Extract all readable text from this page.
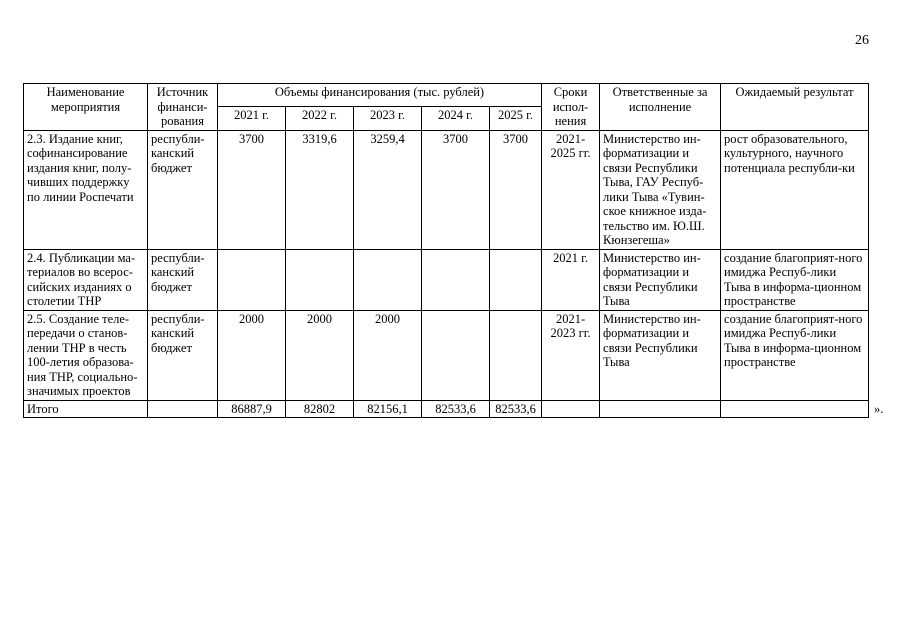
26
Наименование мероприятия	Источник финанси-рования	Объемы финансирования (тыс. рублей)					Сроки испол-нения	Ответственные за исполнение	Ожидаемый результат
		2021 г.	2022 г.	2023 г.	2024 г.	2025 г.			
2.3. Издание книг, софинансирование издания книг, полу-чивших поддержку по линии Роспечати	республи-канский бюджет	3700	3319,6	3259,4	3700	3700	2021-2025 гг.	Министерство ин-форматизации и связи Республики Тыва, ГАУ Респуб-лики Тыва «Тувин-ское книжное изда-тельство им. Ю.Ш. Кюнзегеша»	рост образовательного, культурного, научного потенциала республи-ки
2.4. Публикации ма-териалов во всерос-сийских изданиях о столетии ТНР	республи-канский бюджет						2021 г.	Министерство ин-форматизации и связи Республики Тыва	создание благоприят-ного имиджа Респуб-лики Тыва в информа-ционном пространстве
2.5. Создание теле-передачи о станов-лении ТНР в честь 100-летия образова-ния ТНР, социально-значимых проектов	республи-канский бюджет	2000	2000	2000			2021-2023 гг.	Министерство ин-форматизации и связи Республики Тыва	создание благоприят-ного имиджа Респуб-лики Тыва в информа-ционном пространстве
Итого		86887,9	82802	82156,1	82533,6	82533,6				».
